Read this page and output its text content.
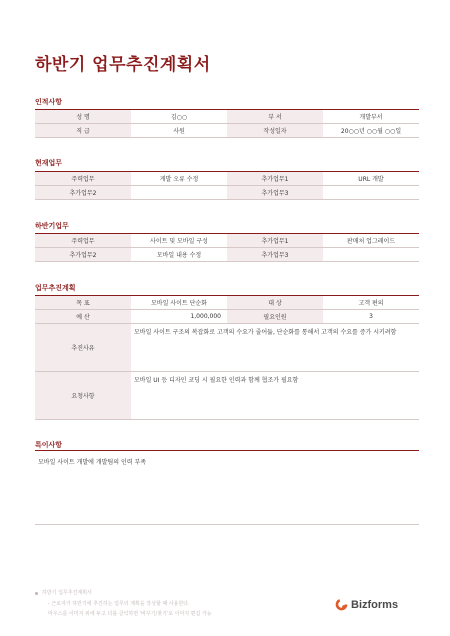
하반기 업무추진계획서
인적사항
성 명	김○○	부 서	개발부서
직 급	사원	작성일자	20○○년 ○○월 ○○일
현재업무
주력업무	게발 오류 수정	추가업무1	URL 개발
추가업무2		추가업무3	
하반기업무
주력업무	사이트 및 모바일 구성	추가업무1	판매처 업그레이드
추가업무2	모바일 내용 수정	추가업무3	
업무추진계획
목 표	모바일 사이트 단순화	대 상	고객 편의
예 산	1,000,000	필요인원	3
추진사유	모바일 사이트 구조의 복잡화로 고객의 수요가 줄어듦, 단순화를 통해서 고객의 수요를 증가 시키려함		
요청사항	모바일 UI 등 디자인 코딩 시 필요한 인력과 함께 협조가 필요함		
특이사항
모바일 사이트 개발에 개발팀의 인력 부족
하반기 업무추진계획서
- 근로자가 하반기에 추진하는 업무의 계획을 작성할 때 사용한다.
마우스를 이미지 위에 두고 더블 클릭하면 '바꾸기/찾기'로 이미지 편집 가능
Bizforms
